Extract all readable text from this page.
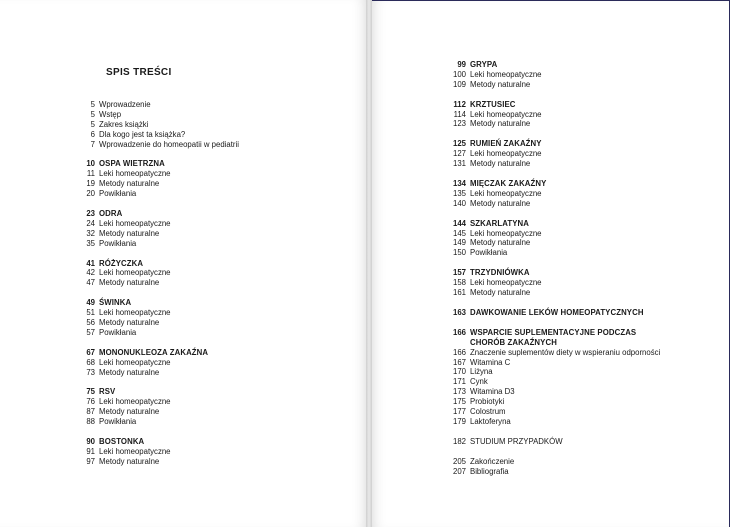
SPIS TREŚCI
5 Wprowadzenie
5 Wstęp
5 Zakres książki
6 Dla kogo jest ta książka?
7 Wprowadzenie do homeopatii w pediatrii
10 OSPA WIETRZNA
11 Leki homeopatyczne
19 Metody naturalne
20 Powikłania
23 ODRA
24 Leki homeopatyczne
32 Metody naturalne
35 Powikłania
41 RÓŻYCZKA
42 Leki homeopatyczne
47 Metody naturalne
49 ŚWINKA
51 Leki homeopatyczne
56 Metody naturalne
57 Powikłania
67 MONONUKLEOZA ZAKAŹNA
68 Leki homeopatyczne
73 Metody naturalne
75 RSV
76 Leki homeopatyczne
87 Metody naturalne
88 Powikłania
90 BOSTONKA
91 Leki homeopatyczne
97 Metody naturalne
99 GRYPA
100 Leki homeopatyczne
109 Metody naturalne
112 KRZTUSIEC
114 Leki homeopatyczne
123 Metody naturalne
125 RUMIEŃ ZAKAŹNY
127 Leki homeopatyczne
131 Metody naturalne
134 MIĘCZAK ZAKAŹNY
135 Leki homeopatyczne
140 Metody naturalne
144 SZKARLATYNA
145 Leki homeopatyczne
149 Metody naturalne
150 Powikłania
157 TRZYDNIÓWKA
158 Leki homeopatyczne
161 Metody naturalne
163 DAWKOWANIE LEKÓW HOMEOPATYCZNYCH
166 WSPARCIE SUPLEMENTACYJNE PODCZAS CHORÓB ZAKAŹNYCH
166 Znaczenie suplementów diety w wspieraniu odporności
167 Witamina C
170 Liżyna
171 Cynk
173 Witamina D3
175 Probiotyki
177 Colostrum
179 Laktoferyna
182 STUDIUM PRZYPADKÓW
205 Zakończenie
207 Bibliografia
